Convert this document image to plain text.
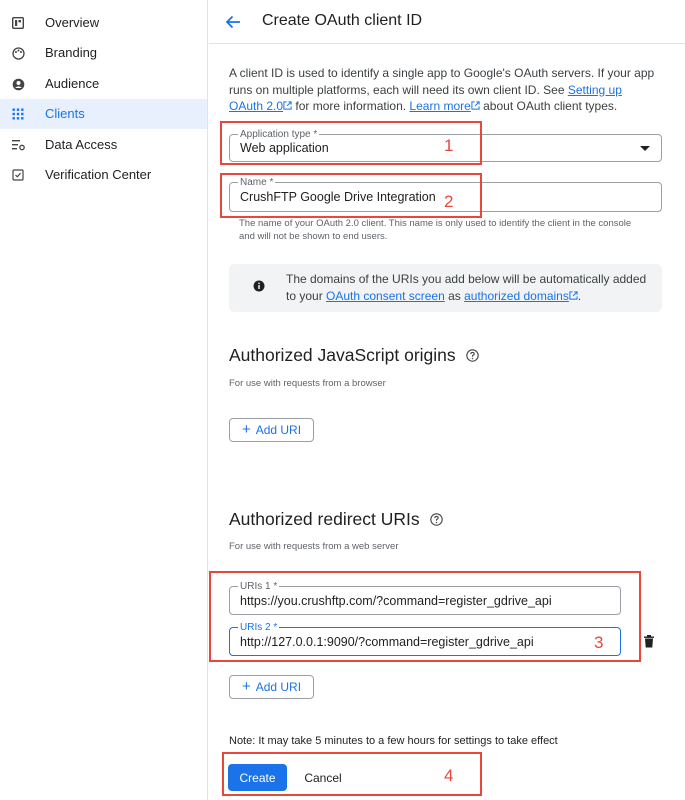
Overview
Branding
Audience
Clients
Data Access
Verification Center
Create OAuth client ID

A client ID is used to identify a single app to Google's OAuth servers. If your app runs on multiple platforms, each will need its own client ID. See Setting up OAuth 2.0 for more information. Learn more about OAuth client types.

Application type *
Web application
Name *
CrushFTP Google Drive Integration

The name of your OAuth 2.0 client. This name is only used to identify the client in the console and will not be shown to end users.

The domains of the URIs you add below will be automatically added to your OAuth consent screen as authorized domains .

Authorized JavaScript origins
For use with requests from a browser
+ Add URI
Authorized redirect URIs
For use with requests from a web server
URIs 1 *
https://you.crushftp.com/?command=register_gdrive_api
URIs 2 *
http://127.0.0.1:9090/?command=register_gdrive_api
+ Add URI
Note: It may take 5 minutes to a few hours for settings to take effect
Create	Cancel
1
2
3
4
